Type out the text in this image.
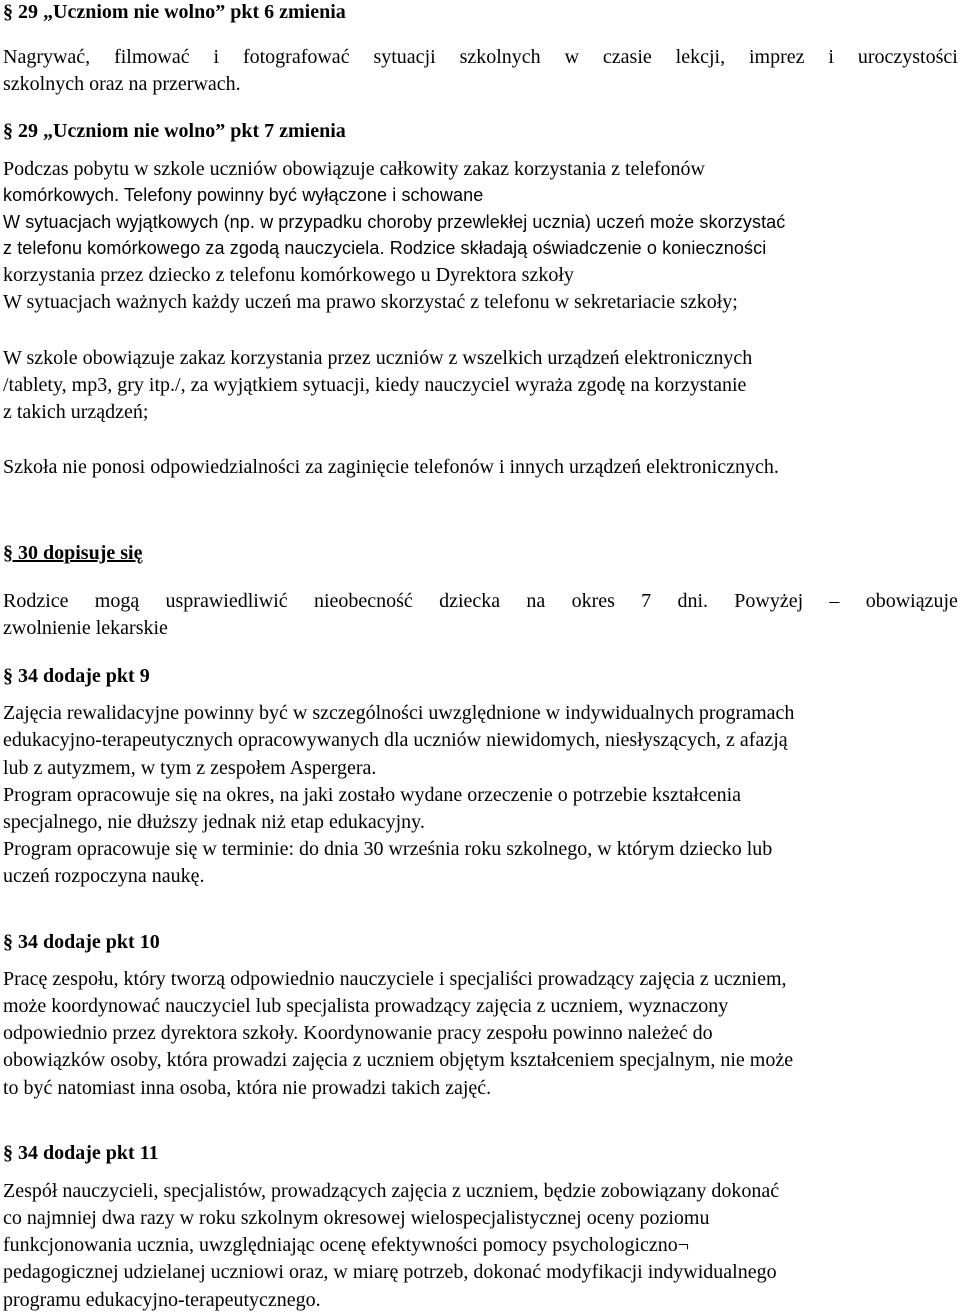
§ 29 „Uczniom nie wolno” pkt 6 zmienia
Nagrywać, filmować i fotografować sytuacji szkolnych w czasie lekcji, imprez i uroczystości
szkolnych oraz na przerwach.
§ 29 „Uczniom nie wolno” pkt 7 zmienia
Podczas pobytu w szkole uczniów obowiązuje całkowity zakaz korzystania z telefonów
komórkowych. Telefony powinny być wyłączone i schowane
W sytuacjach wyjątkowych (np. w przypadku choroby przewlekłej ucznia) uczeń może skorzystać
z telefonu komórkowego za zgodą nauczyciela. Rodzice składają oświadczenie o konieczności
korzystania przez dziecko z telefonu komórkowego u Dyrektora szkoły
W sytuacjach ważnych każdy uczeń ma prawo skorzystać z telefonu w sekretariacie szkoły;
W szkole obowiązuje zakaz korzystania przez uczniów z wszelkich urządzeń elektronicznych
/tablety, mp3, gry itp./, za wyjątkiem sytuacji, kiedy nauczyciel wyraża zgodę na korzystanie
z takich urządzeń;
Szkoła nie ponosi odpowiedzialności za zaginięcie telefonów i innych urządzeń elektronicznych.
§ 30 dopisuje się
Rodzice mogą usprawiedliwić nieobecność dziecka na okres 7 dni. Powyżej – obowiązuje
zwolnienie lekarskie
§ 34 dodaje pkt 9
Zajęcia rewalidacyjne powinny być w szczególności uwzględnione w indywidualnych programach
edukacyjno-terapeutycznych opracowywanych dla uczniów niewidomych, niesłyszących, z afazją
lub z autyzmem, w tym z zespołem Aspergera.
Program opracowuje się na okres, na jaki zostało wydane orzeczenie o potrzebie kształcenia
specjalnego, nie dłuższy jednak niż etap edukacyjny.
Program opracowuje się w terminie: do dnia 30 września roku szkolnego, w którym dziecko lub
uczeń rozpoczyna naukę.
§ 34 dodaje pkt 10
Pracę zespołu, który tworzą odpowiednio nauczyciele i specjaliści prowadzący zajęcia z uczniem,
może koordynować nauczyciel lub specjalista prowadzący zajęcia z uczniem, wyznaczony
odpowiednio przez dyrektora szkoły. Koordynowanie pracy zespołu powinno należeć do
obowiązków osoby, która prowadzi zajęcia z uczniem objętym kształceniem specjalnym, nie może
to być natomiast inna osoba, która nie prowadzi takich zajęć.
§ 34 dodaje pkt 11
Zespół nauczycieli, specjalistów, prowadzących zajęcia z uczniem, będzie zobowiązany dokonać
co najmniej dwa razy w roku szkolnym okresowej wielospecjalistycznej oceny poziomu
funkcjonowania ucznia, uwzględniając ocenę efektywności pomocy psychologiczno¬
pedagogicznej udzielanej uczniowi oraz, w miarę potrzeb, dokonać modyfikacji indywidualnego
programu edukacyjno-terapeutycznego.
